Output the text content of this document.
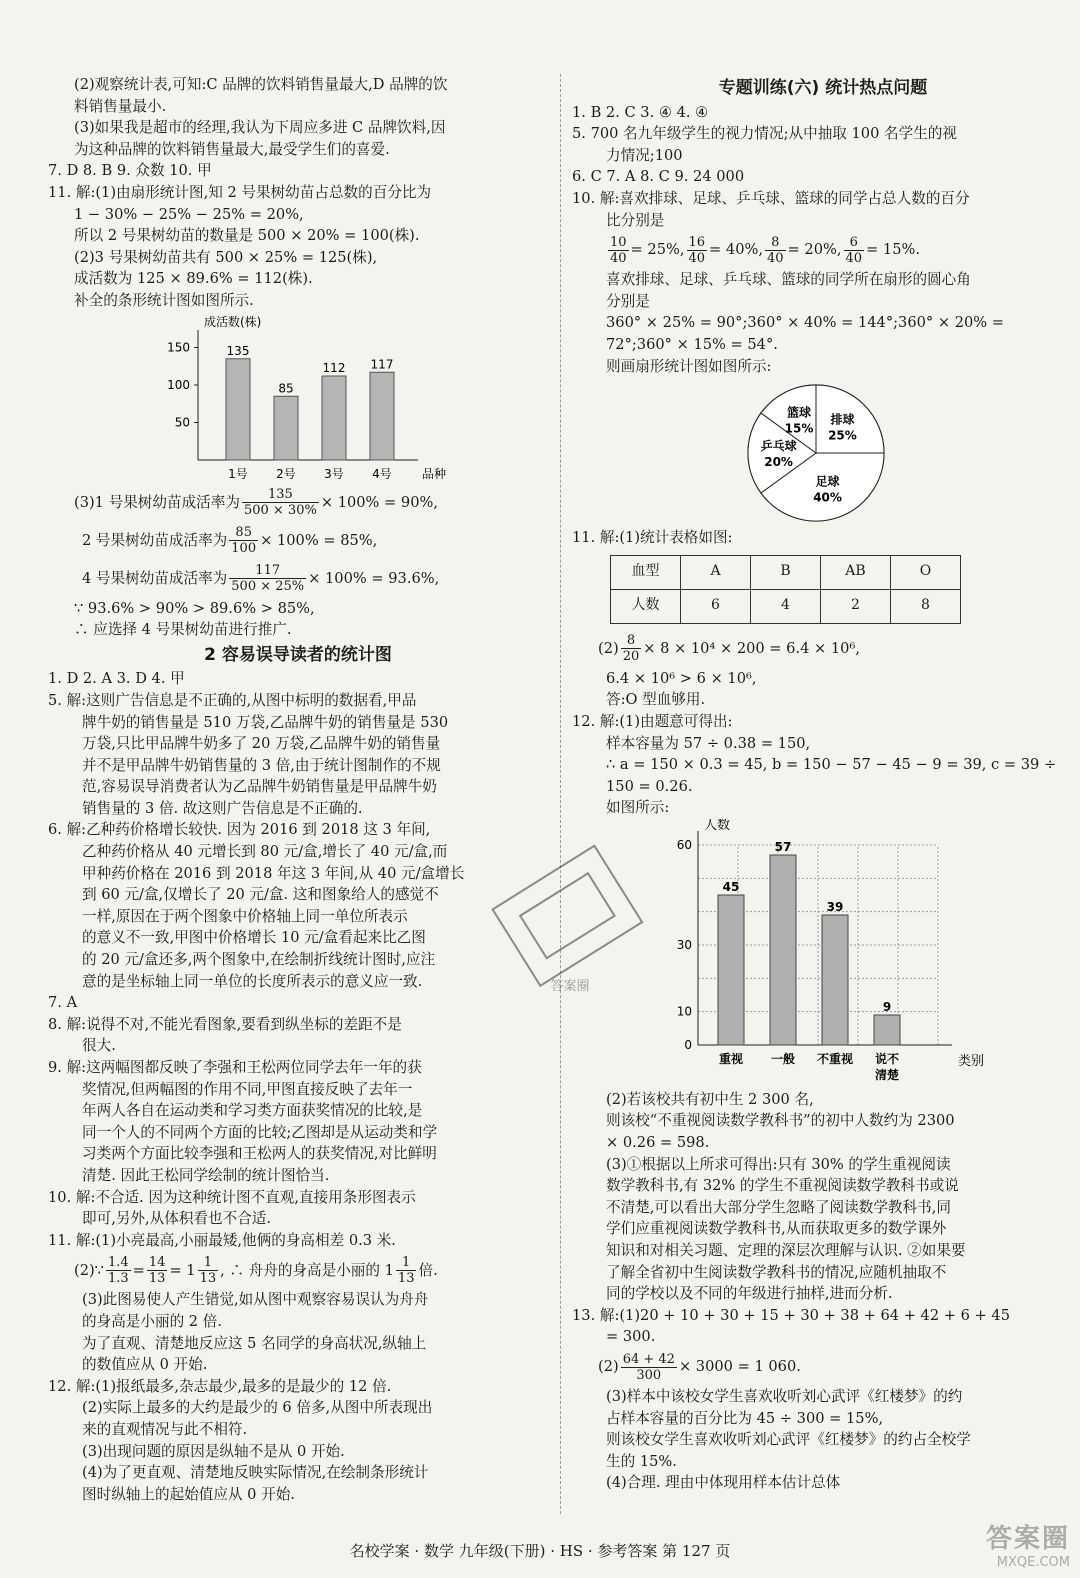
(2)观察统计表,可知:C 品牌的饮料销售量最大,D 品牌的饮
料销售量最小.
(3)如果我是超市的经理,我认为下周应多进 C 品牌饮料,因
为这种品牌的饮料销售量最大,最受学生们的喜爱.
7. D 8. B 9. 众数 10. 甲
11. 解:(1)由扇形统计图,知 2 号果树幼苗占总数的百分比为
1 − 30% − 25% − 25% = 20%,
所以 2 号果树幼苗的数量是 500 × 20% = 100(株).
(2)3 号果树幼苗共有 500 × 25% = 125(株),
成活数为 125 × 89.6% = 112(株).
补全的条形统计图如图所示.
成活数(株)
品种
50
100
150	135
1号
85
2号
112
3号
117
4号
(3)1 号果树幼苗成活率为 $\frac{135}{500 \times 30\%} \times 100\% = 90\%$,
2 号果树幼苗成活率为 $\frac{85}{100} \times 100\% = 85\%$,
4 号果树幼苗成活率为 $\frac{117}{500 \times 25\%} \times 100\% = 93.6\%$,
∵ 93.6% > 90% > 89.6% > 85%,
∴ 应选择 4 号果树幼苗进行推广.
2 容易误导读者的统计图
1. D 2. A 3. D 4. 甲
5. 解:这则广告信息是不正确的,从图中标明的数据看,甲品
牌牛奶的销售量是 510 万袋,乙品牌牛奶的销售量是 530
万袋,只比甲品牌牛奶多了 20 万袋,乙品牌牛奶的销售量
并不是甲品牌牛奶销售量的 3 倍,由于统计图制作的不规
范,容易误导消费者认为乙品牌牛奶销售量是甲品牌牛奶
销售量的 3 倍. 故这则广告信息是不正确的.
6. 解:乙种药价格增长较快. 因为 2016 到 2018 这 3 年间,
乙种药价格从 40 元增长到 80 元/盒,增长了 40 元/盒,而
甲种药价格在 2016 到 2018 年这 3 年间,从 40 元/盒增长
到 60 元/盒,仅增长了 20 元/盒. 这和图象给人的感觉不
一样,原因在于两个图象中价格轴上同一单位所表示
的意义不一致,甲图中价格增长 10 元/盒看起来比乙图
的 20 元/盒还多,两个图象中,在绘制折线统计图时,应注
意的是坐标轴上同一单位的长度所表示的意义应一致.
7. A
8. 解:说得不对,不能光看图象,要看到纵坐标的差距不是
很大.
9. 解:这两幅图都反映了李强和王松两位同学去年一年的获
奖情况,但两幅图的作用不同,甲图直接反映了去年一
年两人各自在运动类和学习类方面获奖情况的比较,是
同一个人的不同两个方面的比较;乙图却是从运动类和学
习类两个方面比较李强和王松两人的获奖情况,对比鲜明
清楚. 因此王松同学绘制的统计图恰当.
10. 解:不合适. 因为这种统计图不直观,直接用条形图表示
即可,另外,从体积看也不合适.
11. 解:(1)小亮最高,小丽最矮,他俩的身高相差 0.3 米.
(2)∵ $\frac{1.4}{1.3} = \frac{14}{13} = 1 \frac{1}{13}$ , ∴ 舟舟的身高是小丽的 $1 \frac{1}{13}$ 倍.
(3)此图易使人产生错觉,如从图中观察容易误认为舟舟
的身高是小丽的 2 倍.
为了直观、清楚地反应这 5 名同学的身高状况,纵轴上
的数值应从 0 开始.
12. 解:(1)报纸最多,杂志最少,最多的是最少的 12 倍.
(2)实际上最多的大约是最少的 6 倍多,从图中所表现出
来的直观情况与此不相符.
(3)出现问题的原因是纵轴不是从 0 开始.
(4)为了更直观、清楚地反映实际情况,在绘制条形统计
图时纵轴上的起始值应从 0 开始.
专题训练(六) 统计热点问题
1. B 2. C 3. ④ 4. ④
5. 700 名九年级学生的视力情况;从中抽取 100 名学生的视
力情况;100
6. C 7. A 8. C 9. 24 000
10. 解:喜欢排球、足球、乒乓球、篮球的同学占总人数的百分
比分别是
$\frac{10}{40} = 25\%$, $\frac{16}{40} = 40\%$, $\frac{8}{40} = 20\%$, $\frac{6}{40} = 15\%$.
喜欢排球、足球、乒乓球、篮球的同学所在扇形的圆心角
分别是
360° × 25% = 90°;360° × 40% = 144°;360° × 20% =
72°;360° × 15% = 54°.
则画扇形统计图如图所示:
排球
25%
足球
40%
乒乓球
20%
篮球
15%
11. 解:(1)统计表格如图:
血型	A	B	AB	O
人数	6	4	2	8
$(2) \frac{8}{20} \times 8 \times 10^4 \times 200 = 6.4 \times 10^6$,
6.4 × 10⁶ > 6 × 10⁶,
答:O 型血够用.
12. 解:(1)由题意可得出:
样本容量为 57 ÷ 0.38 = 150,
∴ a = 150 × 0.3 = 45, b = 150 − 57 − 45 − 9 = 39, c = 39 ÷
150 = 0.26.
如图所示:
人数
类别
0
10
30
60
45
重视
57
一般
39
不重视
9
说不清楚
(2)若该校共有初中生 2 300 名,
则该校“不重视阅读数学教科书”的初中人数约为 2300
× 0.26 = 598.
(3)①根据以上所求可得出:只有 30% 的学生重视阅读
数学教科书,有 32% 的学生不重视阅读数学教科书或说
不清楚,可以看出大部分学生忽略了阅读数学教科书,同
学们应重视阅读数学教科书,从而获取更多的数学课外
知识和对相关习题、定理的深层次理解与认识. ②如果要
了解全省初中生阅读数学教科书的情况,应随机抽取不
同的学校以及不同的年级进行抽样,进而分析.
13. 解:(1)20 + 10 + 30 + 15 + 30 + 38 + 64 + 42 + 6 + 45
= 300.
$(2) \frac{64 + 42}{300} \times 3000 = 1$ 060.
(3)样本中该校女学生喜欢收听刘心武评《红楼梦》的约
占样本容量的百分比为 45 ÷ 300 = 15%,
则该校女学生喜欢收听刘心武评《红楼梦》的约占全校学
生的 15%.
(4)合理. 理由中体现用样本估计总体
答案圈
名校学案 · 数学 九年级(下册) · HS · 参考答案 第 127 页	答案圈
MXQE.COM
